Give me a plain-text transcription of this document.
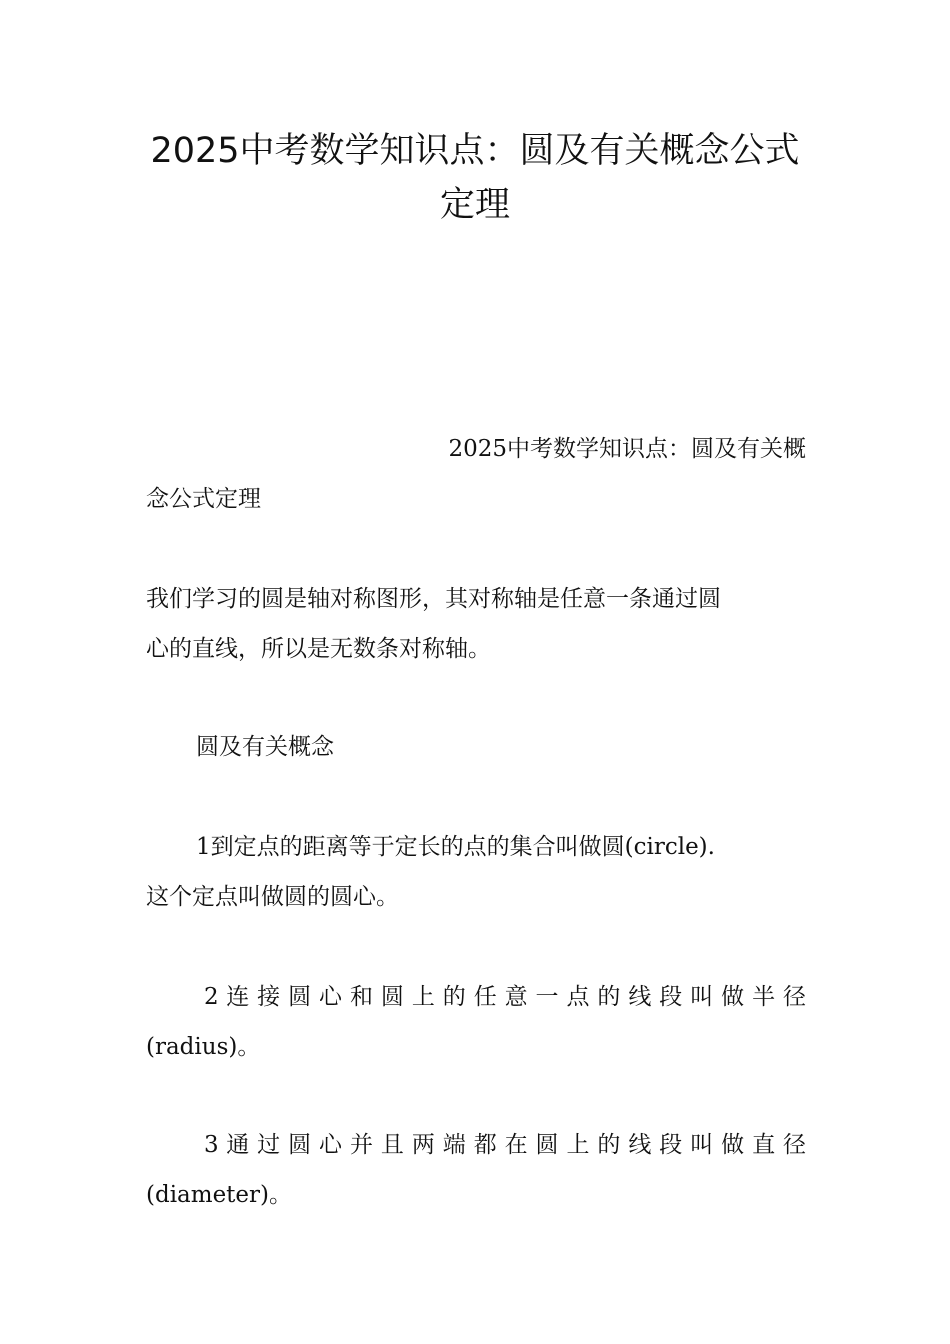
2025中考数学知识点：圆及有关概念公式
定理
2025中考数学知识点：圆及有关概
念公式定理
我们学习的圆是轴对称图形，其对称轴是任意一条通过圆
心的直线，所以是无数条对称轴。
圆及有关概念
1到定点的距离等于定长的点的集合叫做圆(circle).
这个定点叫做圆的圆心。
2 连 接 圆 心 和 圆 上 的 任 意 一 点 的 线 段 叫 做 半 径
(radius)。
3 通 过 圆 心 并 且 两 端 都 在 圆 上 的 线 段 叫 做 直 径
(diameter)。
